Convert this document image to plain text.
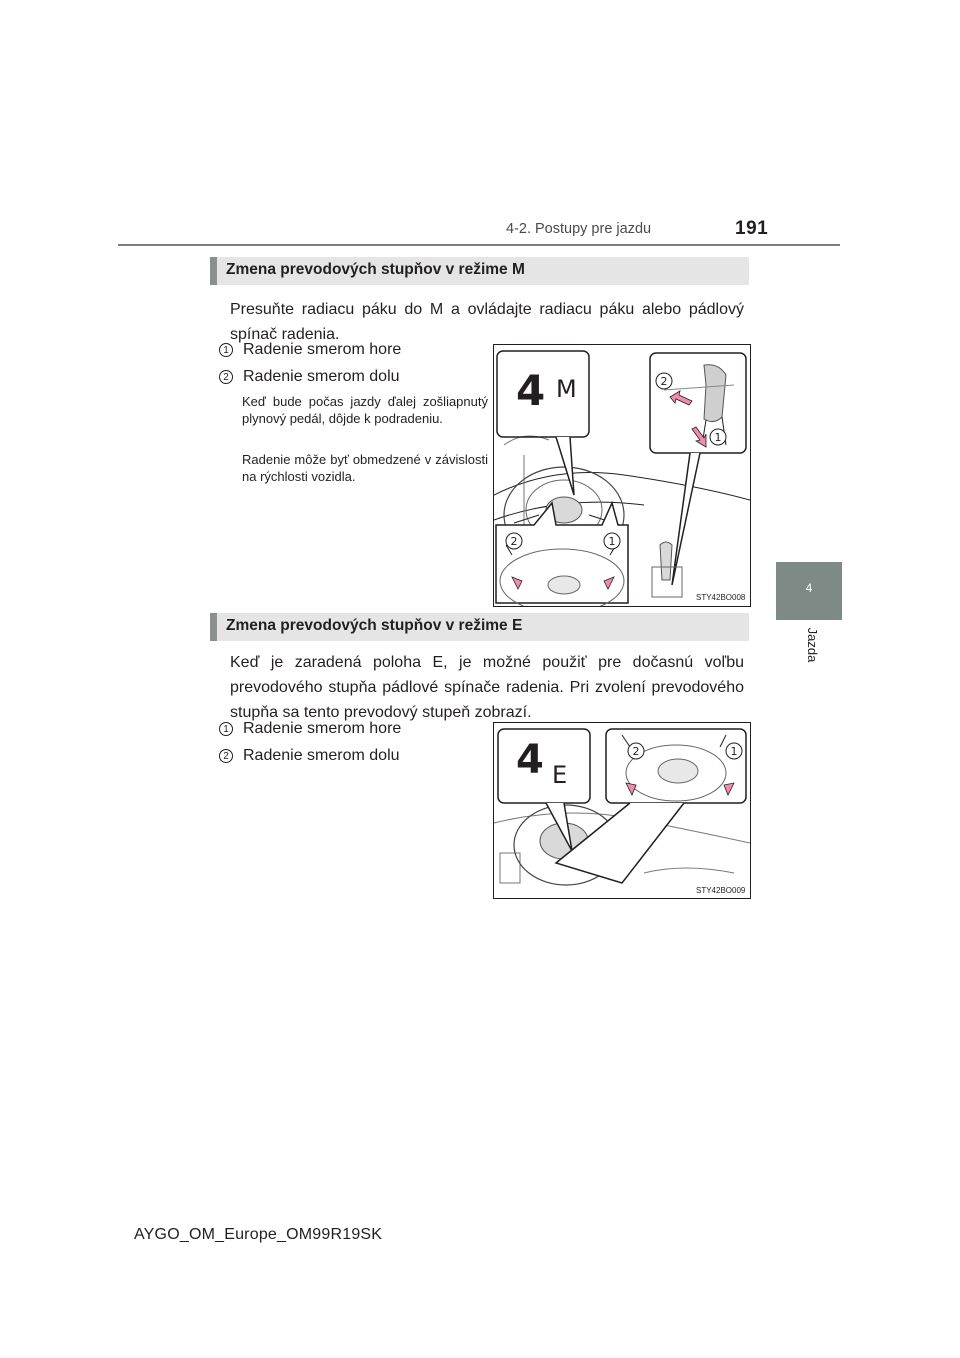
4-2. Postupy pre jazdu	191
4
Jazda
Zmena prevodových stupňov v režime M
Presuňte radiacu páku do M a ovládajte radiacu páku alebo pádlový spínač radenia.
1 Radenie smerom hore
2 Radenie smerom dolu
Keď bude počas jazdy ďalej zošliapnutý plynový pedál, dôjde k podradeniu.
Radenie môže byť obmedzené v závislosti na rýchlosti vozidla.
4 M	2
1
2	1
STY42BO008
Zmena prevodových stupňov v režime E
Keď je zaradená poloha E, je možné použiť pre dočasnú voľbu prevodového stupňa pádlové spínače radenia. Pri zvolení prevodového stupňa sa tento prevodový stupeň zobrazí.
1 Radenie smerom hore
2 Radenie smerom dolu	4 E
2	1
STY42BO009
AYGO_OM_Europe_OM99R19SK
